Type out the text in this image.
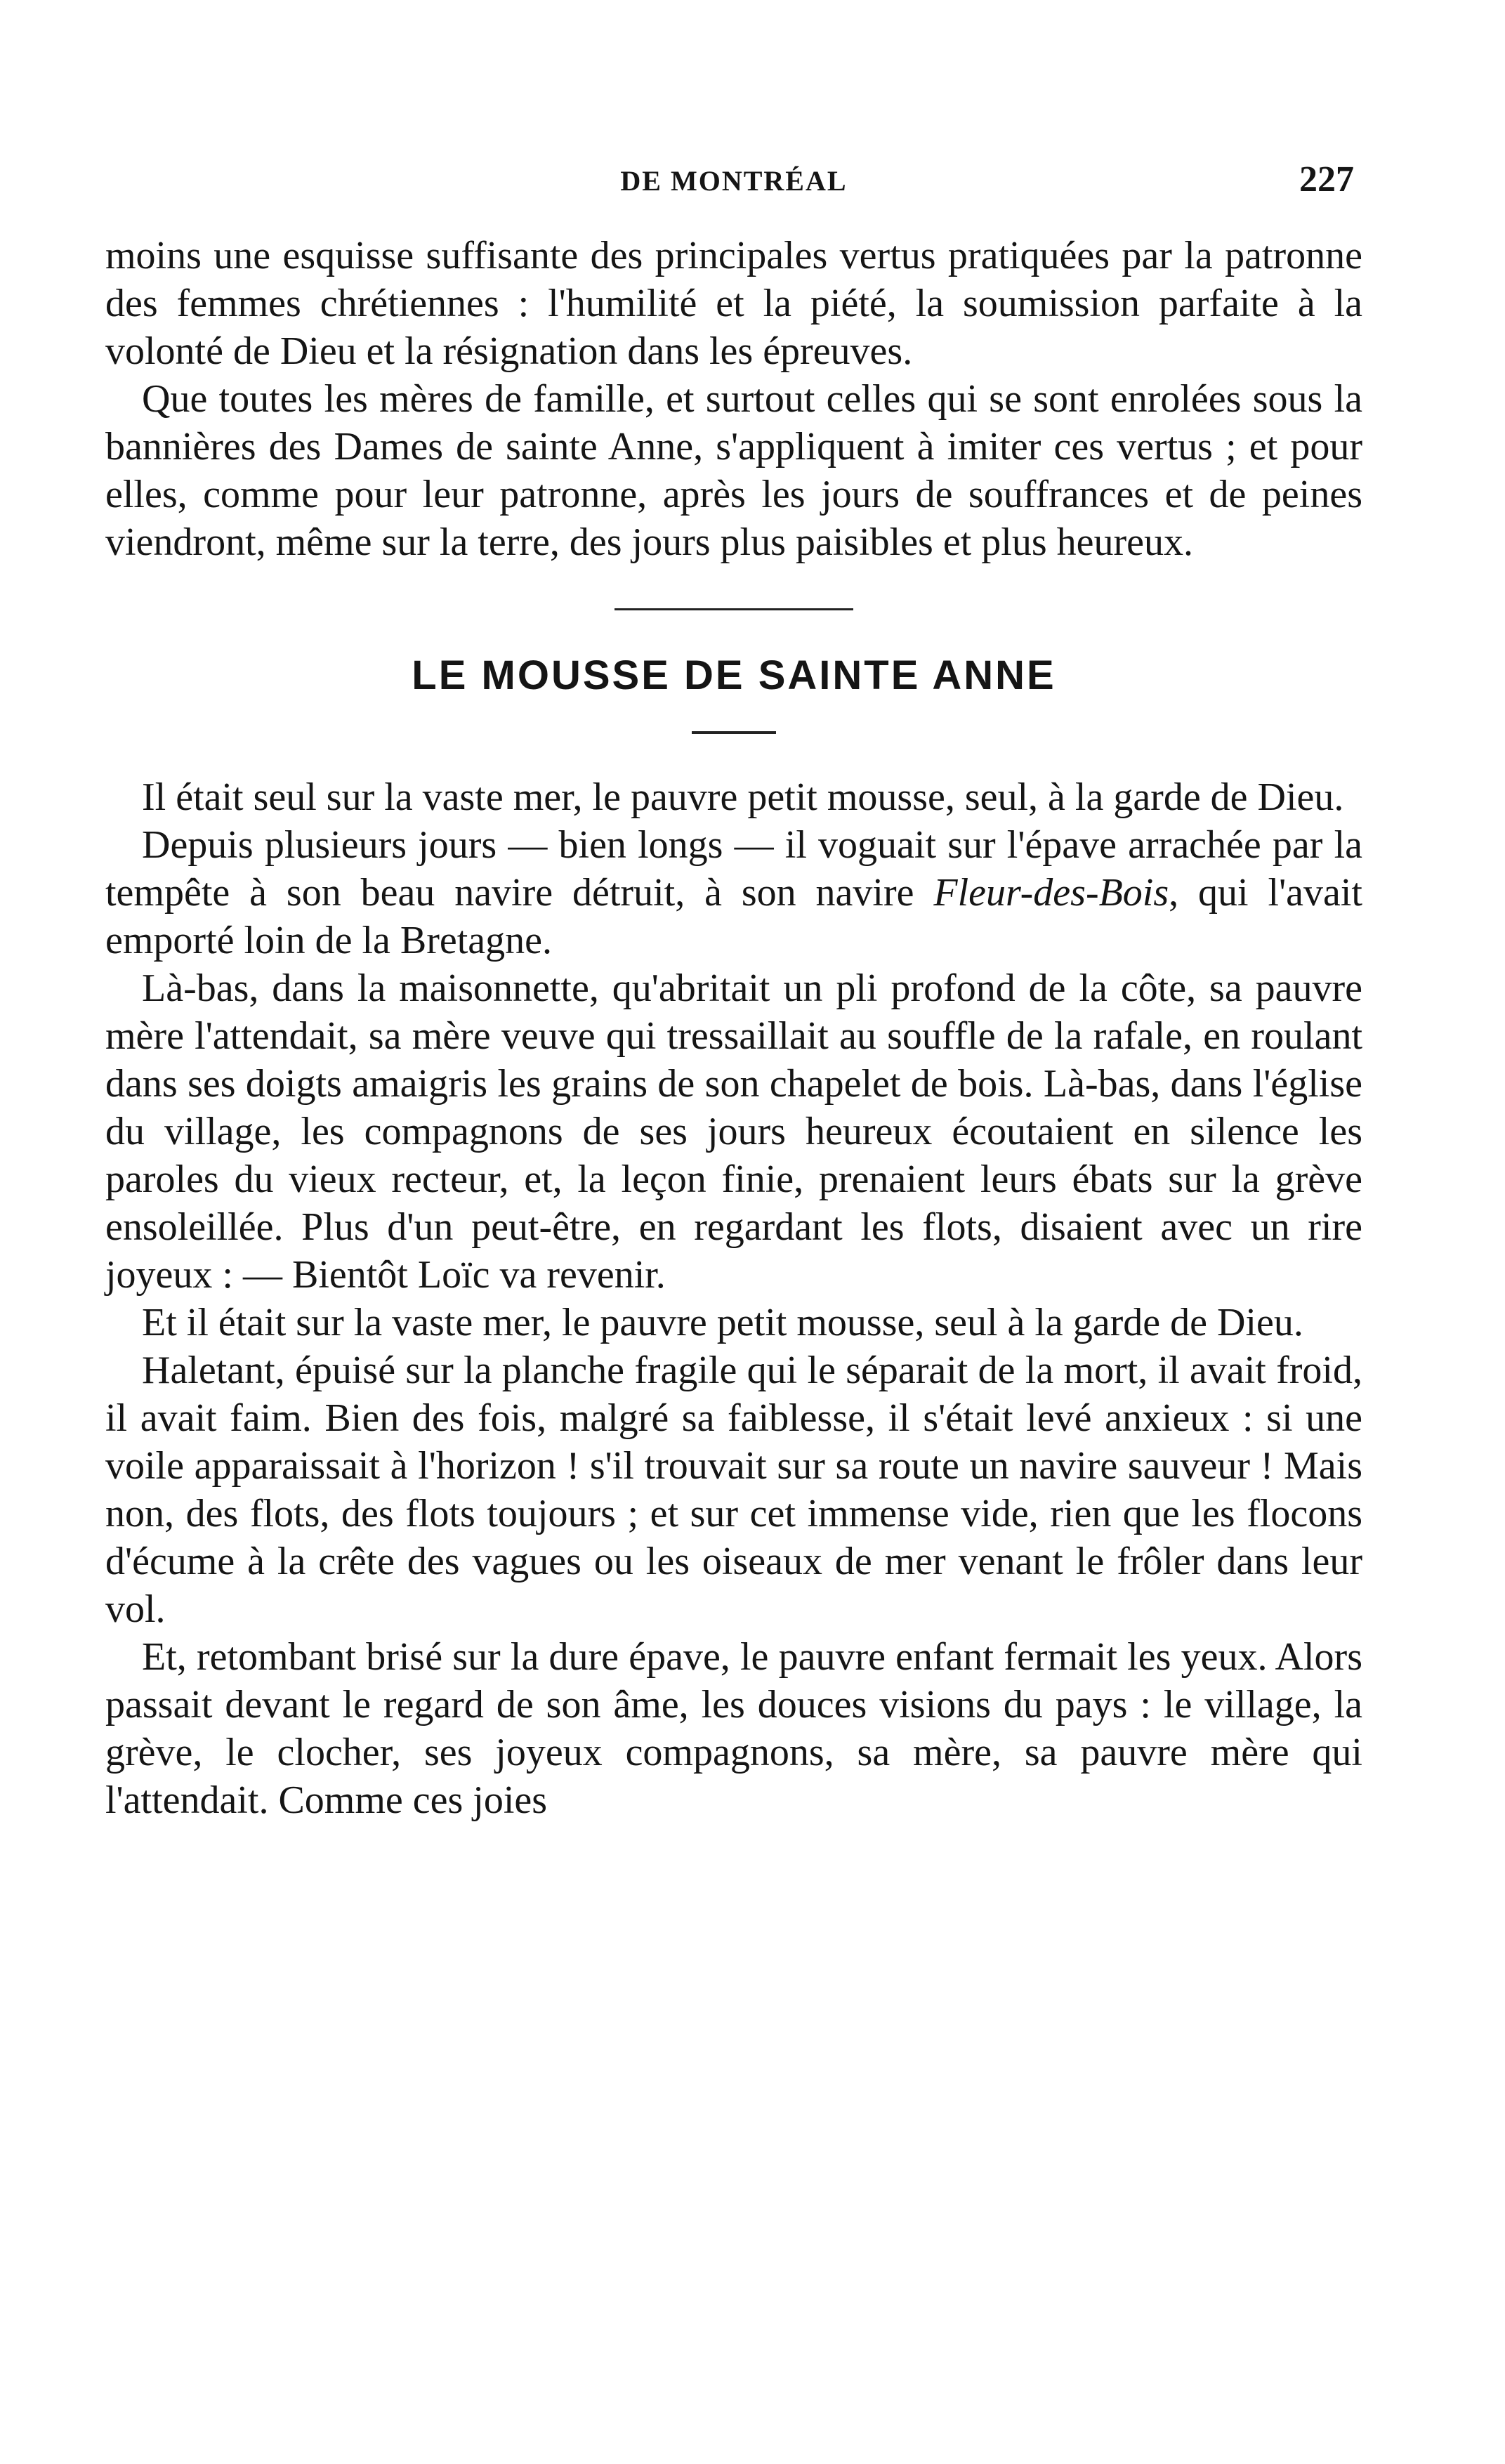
DE MONTRÉAL	227

moins une esquisse suffisante des principales vertus pratiquées par la patronne des femmes chrétiennes : l'humilité et la piété, la soumission parfaite à la volonté de Dieu et la résignation dans les épreuves.

Que toutes les mères de famille, et surtout celles qui se sont enrolées sous la bannières des Dames de sainte Anne, s'appliquent à imiter ces vertus ; et pour elles, comme pour leur patronne, après les jours de souffrances et de peines viendront, même sur la terre, des jours plus paisibles et plus heureux.

LE MOUSSE DE SAINTE ANNE

Il était seul sur la vaste mer, le pauvre petit mousse, seul, à la garde de Dieu.

Depuis plusieurs jours — bien longs — il voguait sur l'épave arrachée par la tempête à son beau navire détruit, à son navire Fleur-des-Bois, qui l'avait emporté loin de la Bretagne.

Là-bas, dans la maisonnette, qu'abritait un pli profond de la côte, sa pauvre mère l'attendait, sa mère veuve qui tressaillait au souffle de la rafale, en roulant dans ses doigts amaigris les grains de son chapelet de bois. Là-bas, dans l'église du village, les compagnons de ses jours heureux écoutaient en silence les paroles du vieux recteur, et, la leçon finie, prenaient leurs ébats sur la grève ensoleillée. Plus d'un peut-être, en regardant les flots, disaient avec un rire joyeux : — Bientôt Loïc va revenir.

Et il était sur la vaste mer, le pauvre petit mousse, seul à la garde de Dieu.

Haletant, épuisé sur la planche fragile qui le séparait de la mort, il avait froid, il avait faim. Bien des fois, malgré sa faiblesse, il s'était levé anxieux : si une voile apparaissait à l'horizon ! s'il trouvait sur sa route un navire sauveur ! Mais non, des flots, des flots toujours ; et sur cet immense vide, rien que les flocons d'écume à la crête des vagues ou les oiseaux de mer venant le frôler dans leur vol.

Et, retombant brisé sur la dure épave, le pauvre enfant fermait les yeux. Alors passait devant le regard de son âme, les douces visions du pays : le village, la grève, le clocher, ses joyeux compagnons, sa mère, sa pauvre mère qui l'attendait. Comme ces joies
